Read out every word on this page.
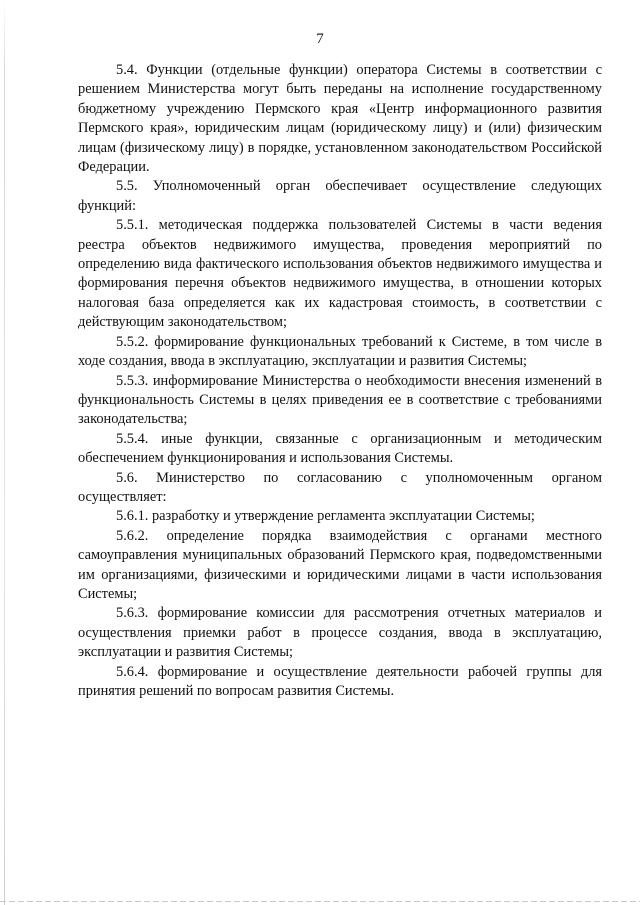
7

5.4. Функции (отдельные функции) оператора Системы в соответствии с решением Министерства могут быть переданы на исполнение государственному бюджетному учреждению Пермского края «Центр информационного развития Пермского края», юридическим лицам (юридическому лицу) и (или) физическим лицам (физическому лицу) в порядке, установленном законодательством Российской Федерации.

5.5. Уполномоченный орган обеспечивает осуществление следующих функций:

5.5.1. методическая поддержка пользователей Системы в части ведения реестра объектов недвижимого имущества, проведения мероприятий по определению вида фактического использования объектов недвижимого имущества и формирования перечня объектов недвижимого имущества, в отношении которых налоговая база определяется как их кадастровая стоимость, в соответствии с действующим законодательством;

5.5.2. формирование функциональных требований к Системе, в том числе в ходе создания, ввода в эксплуатацию, эксплуатации и развития Системы;

5.5.3. информирование Министерства о необходимости внесения изменений в функциональность Системы в целях приведения ее в соответствие с требованиями законодательства;

5.5.4. иные функции, связанные с организационным и методическим обеспечением функционирования и использования Системы.

5.6. Министерство по согласованию с уполномоченным органом осуществляет:

5.6.1. разработку и утверждение регламента эксплуатации Системы;

5.6.2. определение порядка взаимодействия с органами местного самоуправления муниципальных образований Пермского края, подведомственными им организациями, физическими и юридическими лицами в части использования Системы;

5.6.3. формирование комиссии для рассмотрения отчетных материалов и осуществления приемки работ в процессе создания, ввода в эксплуатацию, эксплуатации и развития Системы;

5.6.4. формирование и осуществление деятельности рабочей группы для принятия решений по вопросам развития Системы.
